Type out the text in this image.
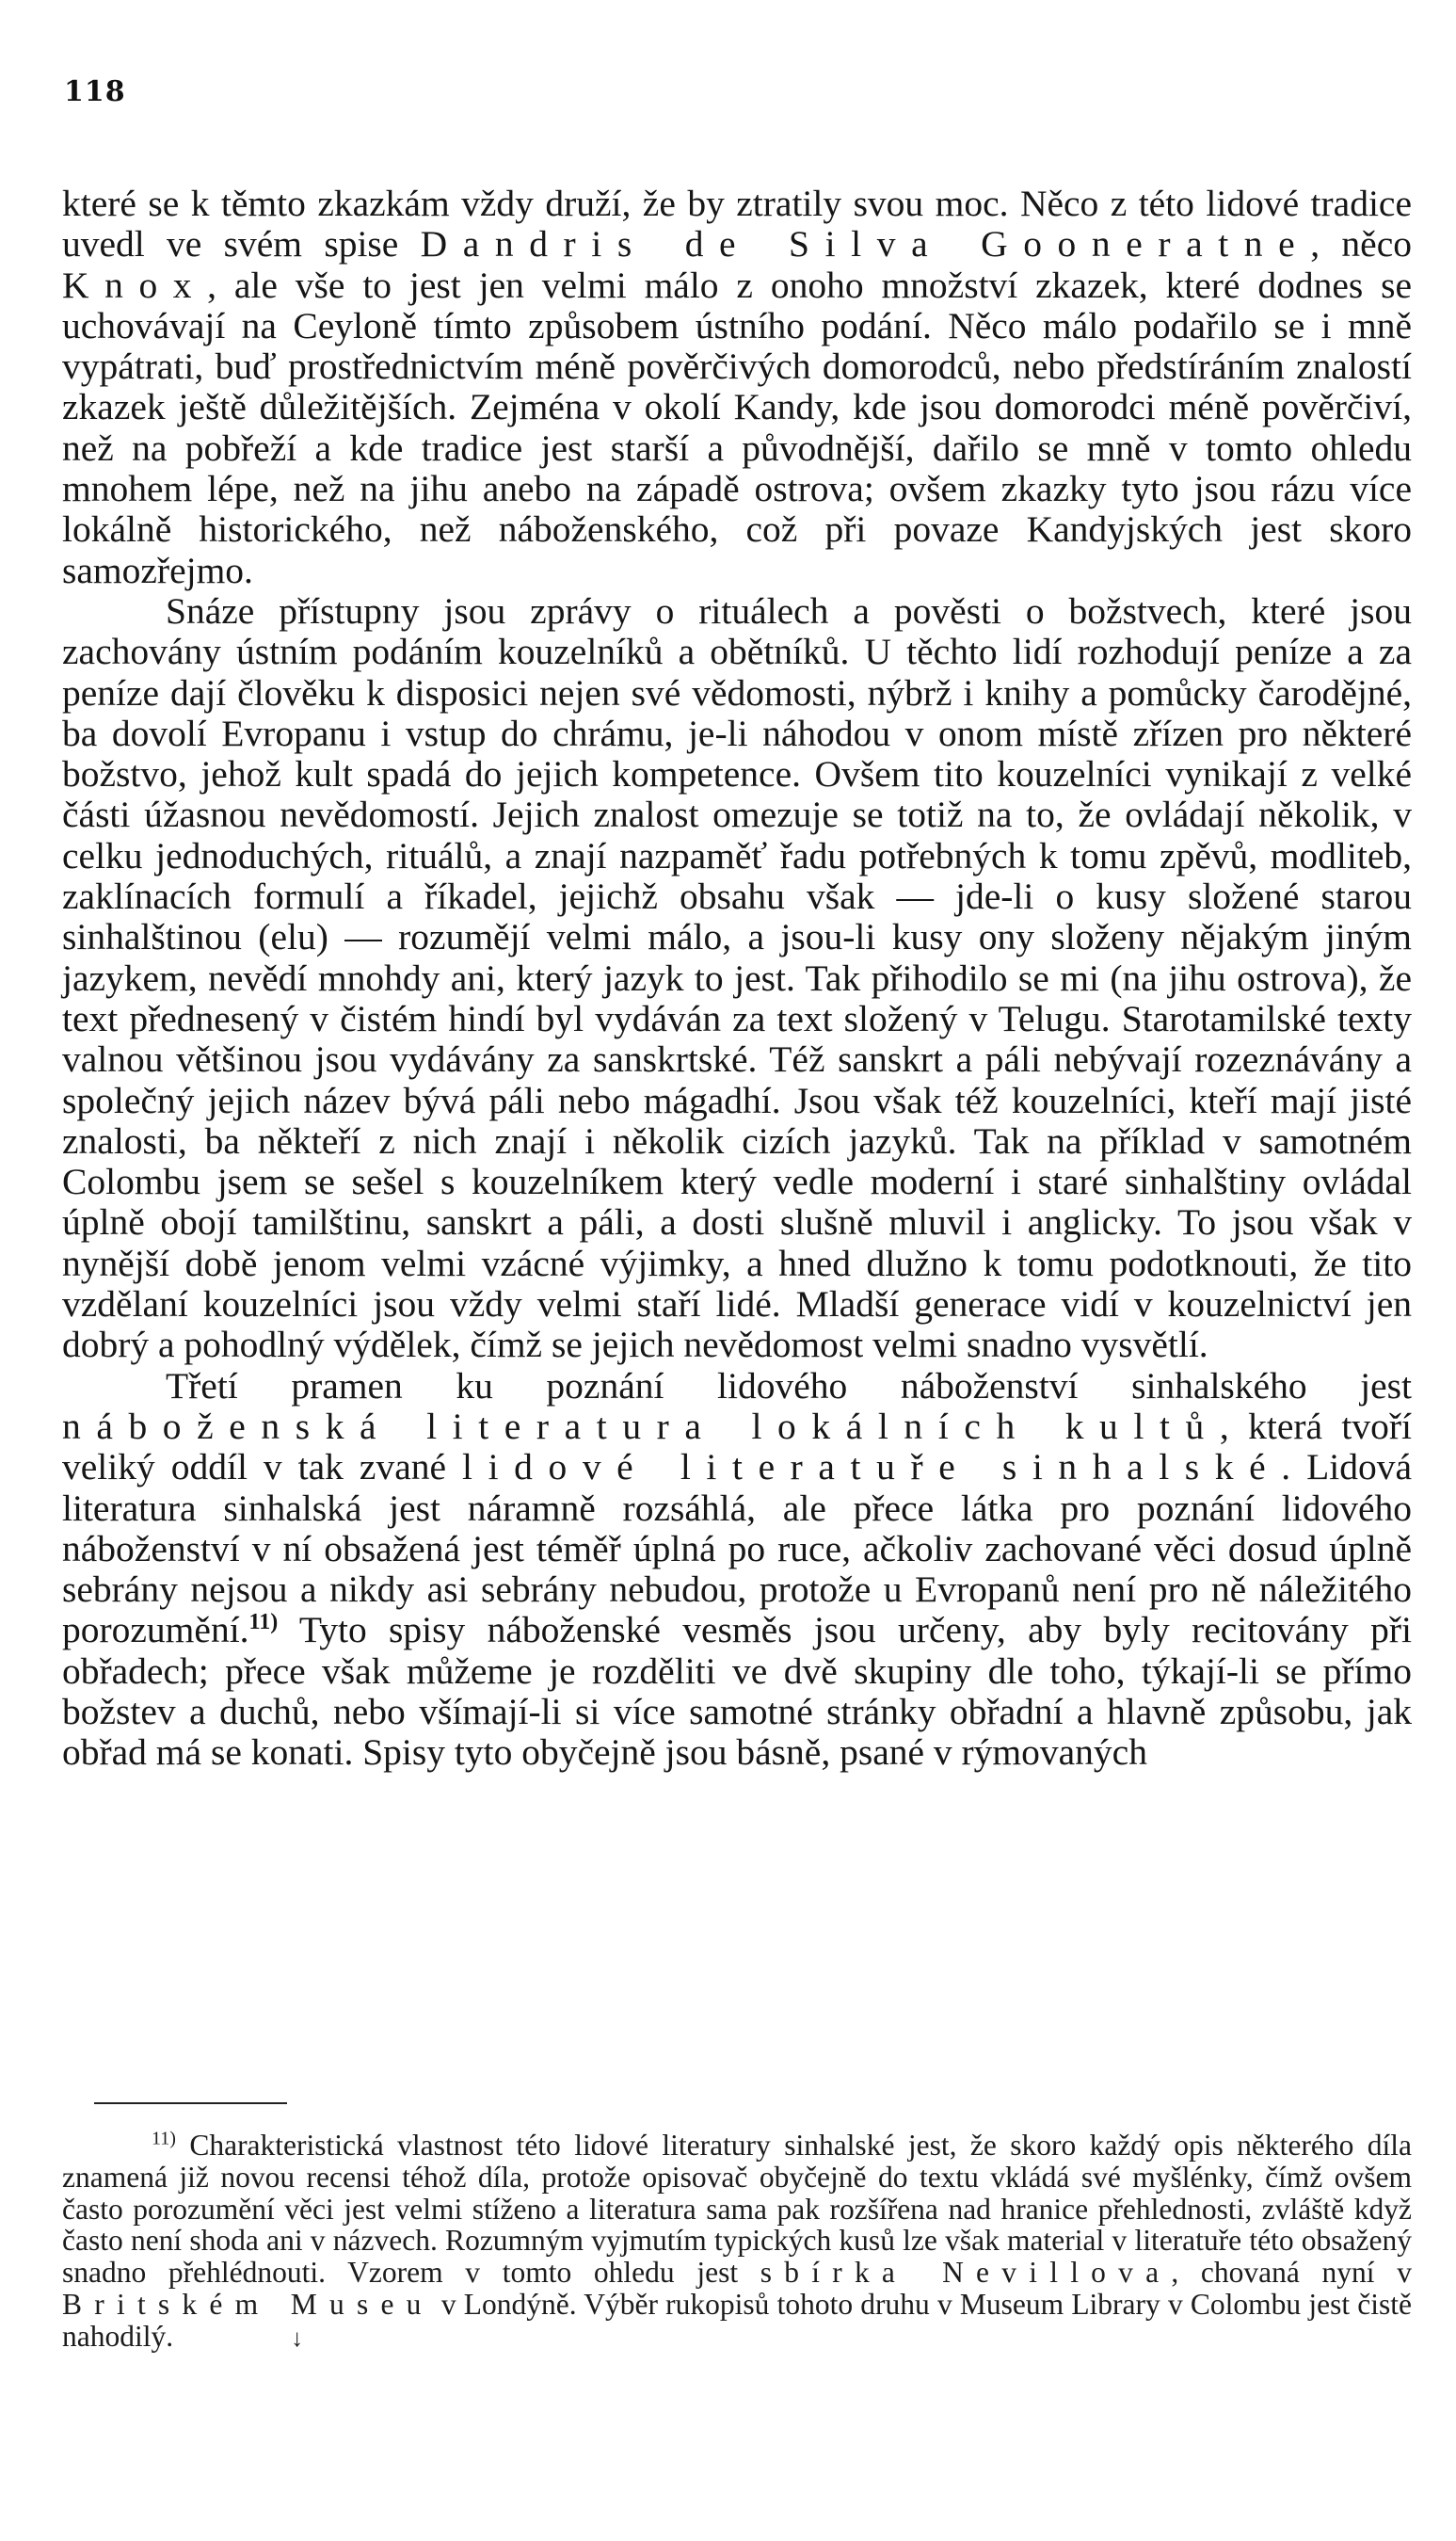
118

které se k těmto zkazkám vždy druží, že by ztratily svou moc. Něco z této lidové tradice uvedl ve svém spise Dandris de Silva Gooneratne, něco Knox, ale vše to jest jen velmi málo z onoho množství zkazek, které dodnes se uchovávají na Ceyloně tímto způsobem ústního podání. Něco málo podařilo se i mně vypátrati, buď prostřednictvím méně pověrčivých domorodců, nebo předstíráním znalostí zkazek ještě důležitějších. Zejména v okolí Kandy, kde jsou domorodci méně pověrčiví, než na pobřeží a kde tradice jest starší a původnější, dařilo se mně v tomto ohledu mnohem lépe, než na jihu anebo na západě ostrova; ovšem zkazky tyto jsou rázu více lokálně historického, než náboženského, což při povaze Kandyjských jest skoro samozřejmo.

Snáze přístupny jsou zprávy o rituálech a pověsti o božstvech, které jsou zachovány ústním podáním kouzelníků a obětníků. U těchto lidí rozhodují peníze a za peníze dají člověku k disposici nejen své vědomosti, nýbrž i knihy a pomůcky čarodějné, ba dovolí Evropanu i vstup do chrámu, je-li náhodou v onom místě zřízen pro některé božstvo, jehož kult spadá do jejich kompetence. Ovšem tito kouzelníci vynikají z velké části úžasnou nevědomostí. Jejich znalost omezuje se totiž na to, že ovládají několik, v celku jednoduchých, rituálů, a znají nazpaměť řadu potřebných k tomu zpěvů, modliteb, zaklínacích formulí a říkadel, jejichž obsahu však — jde-li o kusy složené starou sinhalštinou (elu) — rozumějí velmi málo, a jsou-li kusy ony složeny nějakým jiným jazykem, nevědí mnohdy ani, který jazyk to jest. Tak přihodilo se mi (na jihu ostrova), že text přednesený v čistém hindí byl vydáván za text složený v Telugu. Starotamilské texty valnou většinou jsou vydávány za sanskrtské. Též sanskrt a páli nebývají rozeznávány a společný jejich název bývá páli nebo mágadhí. Jsou však též kouzelníci, kteří mají jisté znalosti, ba někteří z nich znají i několik cizích jazyků. Tak na příklad v samotném Colombu jsem se sešel s kouzelníkem který vedle moderní i staré sinhalštiny ovládal úplně obojí tamilštinu, sanskrt a páli, a dosti slušně mluvil i anglicky. To jsou však v nynější době jenom velmi vzácné výjimky, a hned dlužno k tomu podotknouti, že tito vzdělaní kouzelníci jsou vždy velmi staří lidé. Mladší generace vidí v kouzelnictví jen dobrý a pohodlný výdělek, čímž se jejich nevědomost velmi snadno vysvětlí.

Třetí pramen ku poznání lidového náboženství sinhalského jest náboženská literatura lokálních kultů, která tvoří veliký oddíl v tak zvané lidové literatuře sinhalské. Lidová literatura sinhalská jest náramně rozsáhlá, ale přece látka pro poznání lidového náboženství v ní obsažená jest téměř úplná po ruce, ačkoliv zachované věci dosud úplně sebrány nejsou a nikdy asi sebrány nebudou, protože u Evropanů není pro ně náležitého porozumění.$^{11)}$ Tyto spisy náboženské vesměs jsou určeny, aby byly recitovány při obřadech; přece však můžeme je rozděliti ve dvě skupiny dle toho, týkají-li se přímo božstev a duchů, nebo všímají-li si více samotné stránky obřadní a hlavně způsobu, jak obřad má se konati. Spisy tyto obyčejně jsou básně, psané v rýmovaných

$^{11)}$ Charakteristická vlastnost této lidové literatury sinhalské jest, že skoro každý opis některého díla znamená již novou recensi téhož díla, protože opisovač obyčejně do textu vkládá své myšlénky, čímž ovšem často porozumění věci jest velmi stíženo a literatura sama pak rozšířena nad hranice přehlednosti, zvláště když často není shoda ani v názvech. Rozumným vyjmutím typických kusů lze však material v literatuře této obsažený snadno přehlédnouti. Vzorem v tomto ohledu jest sbírka Nevillova, chovaná nyní v Britském Museu v Londýně. Výběr rukopisů tohoto druhu v Museum Library v Colombu jest čistě nahodilý.	↓
